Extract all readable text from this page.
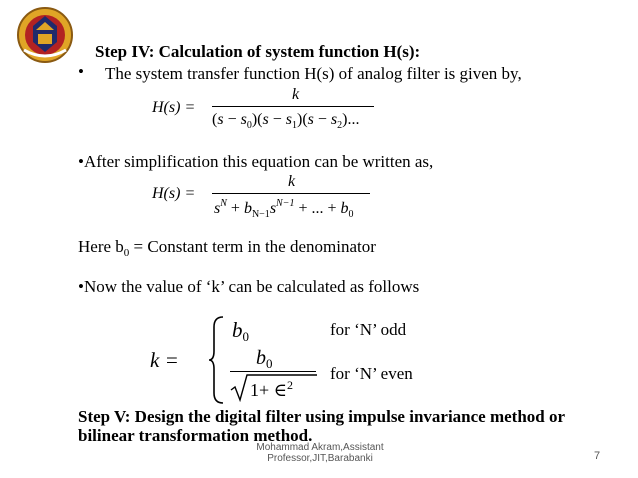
Step IV: Calculation of system function H(s):
• The system transfer function H(s) of analog filter is given by,
H(s) =
k
$(s - s_0)(s - s_1)(s - s_2)$...
•After simplification this equation can be written as,
H(s) =
k
$s^N + b_{N-1}s^{N-1}$ + ... + $b_0$
Here $b_0$ = Constant term in the denominator
•Now the value of ‘k’ can be calculated as follows
k =
$b_0$	for ‘N’ odd
$b_0$
1+ ∈$^2$
for ‘N’ even
Step V: Design the digital filter using impulse invariance method or
bilinear transformation method.
Mohammad Akram,Assistant
Professor,JIT,Barabanki	7
